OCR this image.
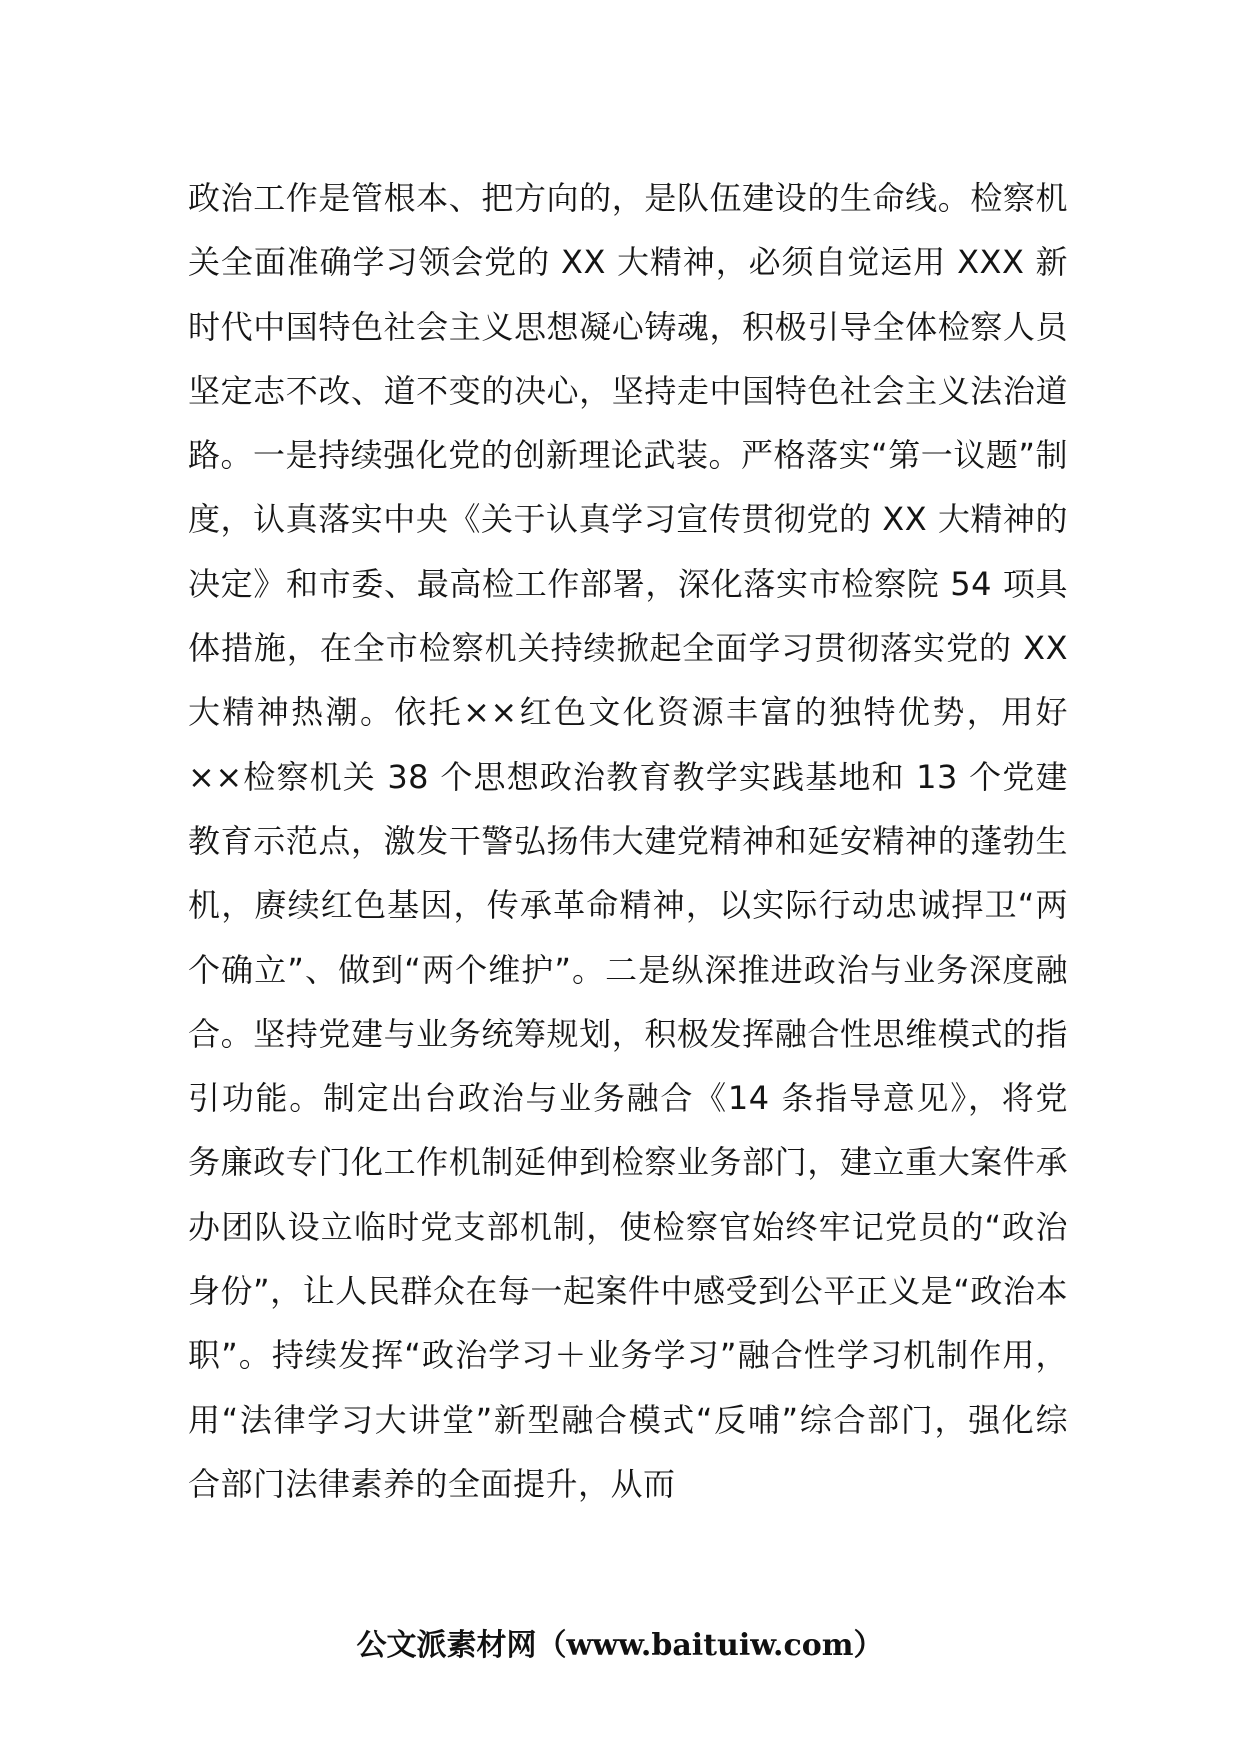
政治工作是管根本、把方向的，是队伍建设的生命线。检察机关全面准确学习领会党的 XX 大精神，必须自觉运用 XXX 新时代中国特色社会主义思想凝心铸魂，积极引导全体检察人员坚定志不改、道不变的决心，坚持走中国特色社会主义法治道路。一是持续强化党的创新理论武装。严格落实“第一议题”制度，认真落实中央《关于认真学习宣传贯彻党的 XX 大精神的决定》和市委、最高检工作部署，深化落实市检察院 54 项具体措施，在全市检察机关持续掀起全面学习贯彻落实党的 XX 大精神热潮。依托××红色文化资源丰富的独特优势，用好××检察机关 38 个思想政治教育教学实践基地和 13 个党建教育示范点，激发干警弘扬伟大建党精神和延安精神的蓬勃生机，赓续红色基因，传承革命精神，以实际行动忠诚捍卫“两个确立”、做到“两个维护”。二是纵深推进政治与业务深度融合。坚持党建与业务统筹规划，积极发挥融合性思维模式的指引功能。制定出台政治与业务融合《14 条指导意见》，将党务廉政专门化工作机制延伸到检察业务部门，建立重大案件承办团队设立临时党支部机制，使检察官始终牢记党员的“政治身份”，让人民群众在每一起案件中感受到公平正义是“政治本职”。持续发挥“政治学习＋业务学习”融合性学习机制作用，用“法律学习大讲堂”新型融合模式“反哺”综合部门，强化综合部门法律素养的全面提升，从而

公文派素材网（www.baituiw.com）
